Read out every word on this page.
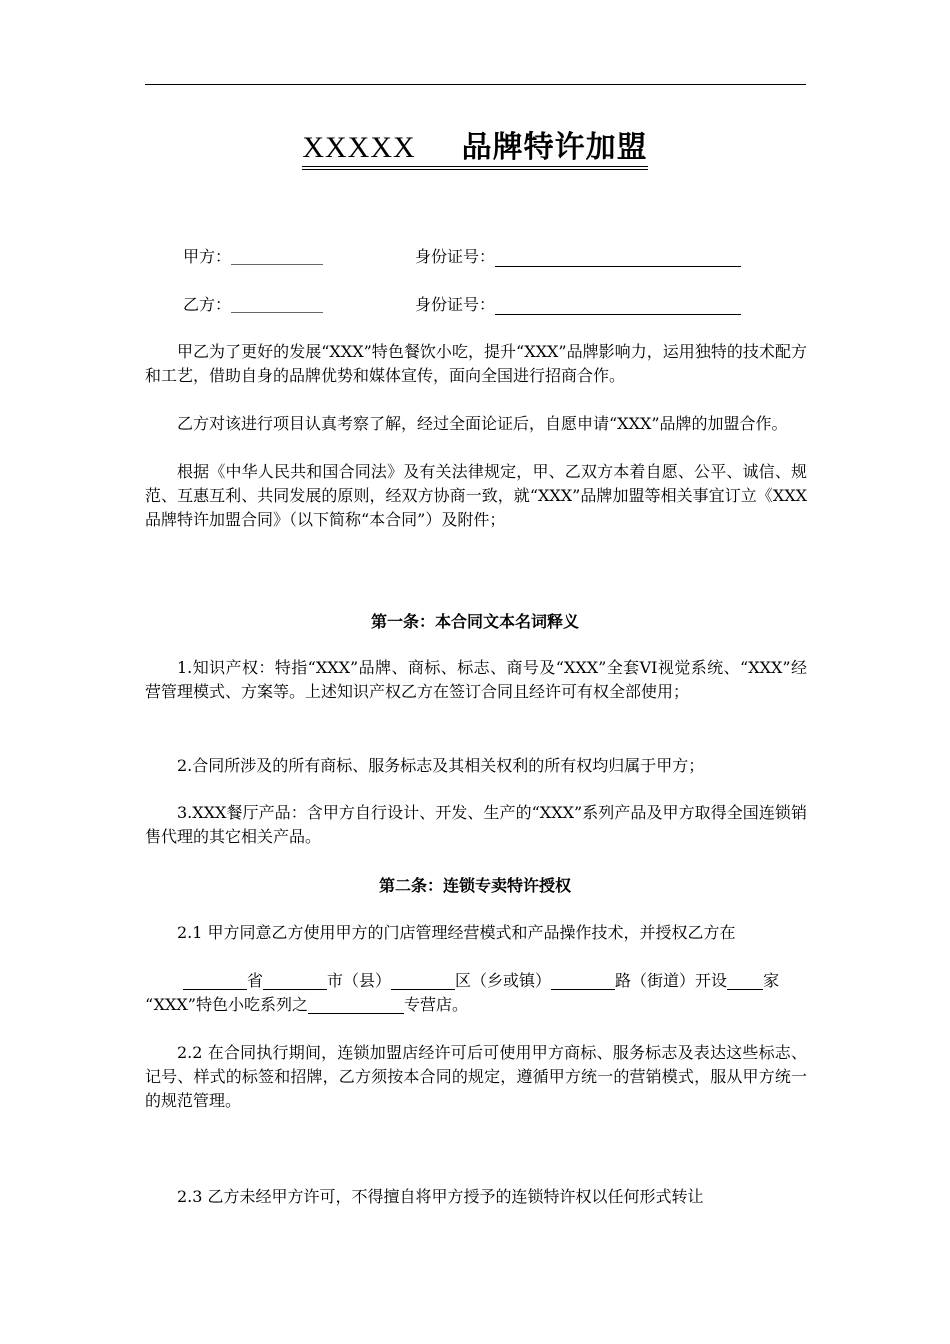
XXXXX 品牌特许加盟
甲方：	身份证号：
乙方：	身份证号：

甲乙为了更好的发展“XXX”特色餐饮小吃，提升“XXX”品牌影响力，运用独特的技术配方和工艺，借助自身的品牌优势和媒体宣传，面向全国进行招商合作。

乙方对该进行项目认真考察了解，经过全面论证后，自愿申请“XXX”品牌的加盟合作。

根据《中华人民共和国合同法》及有关法律规定，甲、乙双方本着自愿、公平、诚信、规范、互惠互利、共同发展的原则，经双方协商一致，就“XXX”品牌加盟等相关事宜订立《XXX品牌特许加盟合同》（以下简称“本合同”）及附件；

第一条：本合同文本名词释义

1.知识产权：特指“XXX”品牌、商标、标志、商号及“XXX”全套VI视觉系统、“XXX”经营管理模式、方案等。上述知识产权乙方在签订合同且经许可有权全部使用；

2.合同所涉及的所有商标、服务标志及其相关权利的所有权均归属于甲方；

3.XXX餐厅产品：含甲方自行设计、开发、生产的“XXX”系列产品及甲方取得全国连锁销售代理的其它相关产品。

第二条：连锁专卖特许授权

2.1 甲方同意乙方使用甲方的门店管理经营模式和产品操作技术，并授权乙方在

省	市（县）	区（乡或镇）	路（街道）开设 家

“XXX”特色小吃系列之	专营店。

2.2 在合同执行期间，连锁加盟店经许可后可使用甲方商标、服务标志及表达这些标志、记号、样式的标签和招牌，乙方须按本合同的规定，遵循甲方统一的营销模式，服从甲方统一的规范管理。

2.3 乙方未经甲方许可，不得擅自将甲方授予的连锁特许权以任何形式转让
